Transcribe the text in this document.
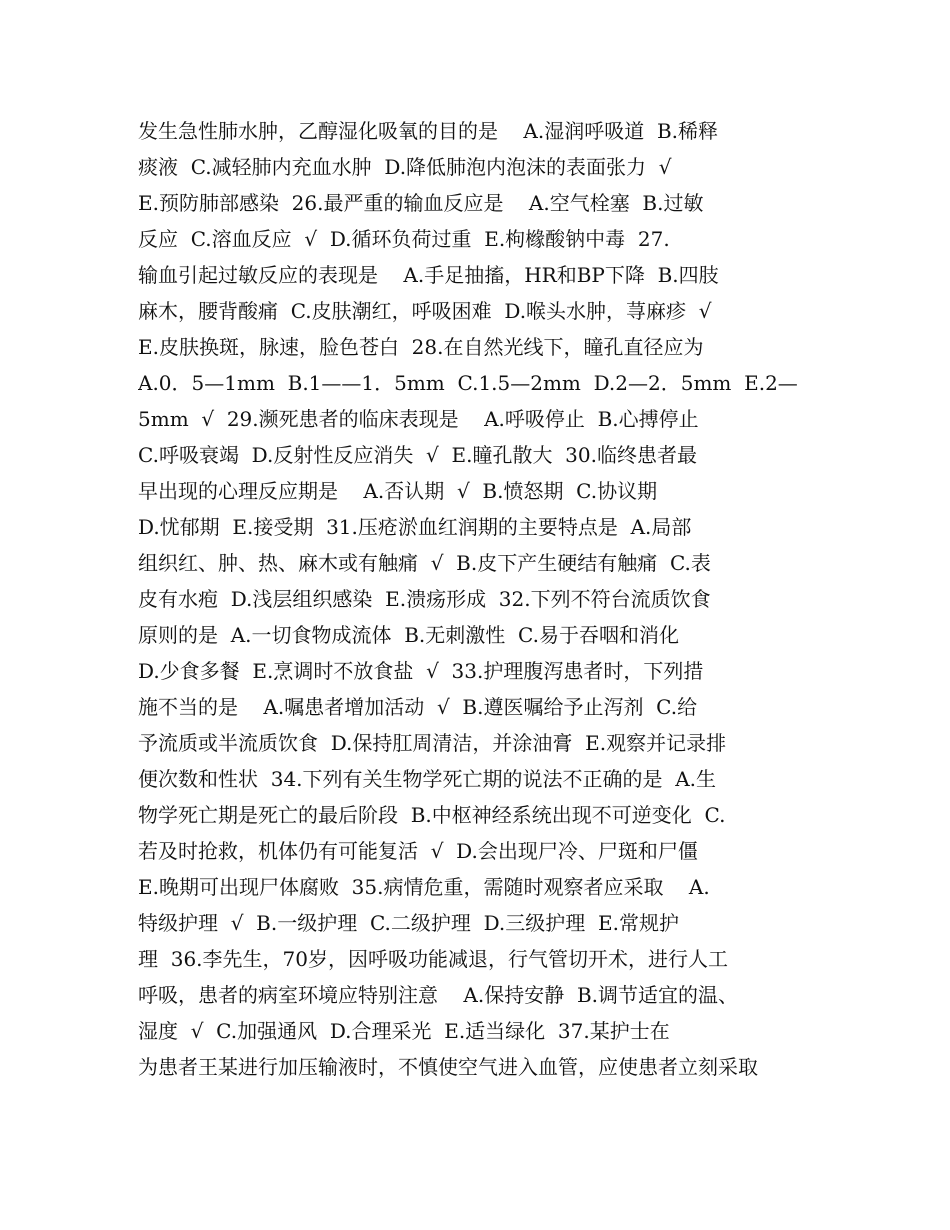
发生急性肺水肿，乙醇湿化吸氧的目的是    A.湿润呼吸道  B.稀释
痰液  C.减轻肺内充血水肿  D.降低肺泡内泡沫的表面张力  √
E.预防肺部感染  26.最严重的输血反应是    A.空气栓塞  B.过敏
反应  C.溶血反应  √  D.循环负荷过重  E.枸橼酸钠中毒  27.
输血引起过敏反应的表现是    A.手足抽搐，HR和BP下降  B.四肢
麻木，腰背酸痛  C.皮肤潮红，呼吸困难  D.喉头水肿，荨麻疹  √
E.皮肤换斑，脉速，脸色苍白  28.在自然光线下，瞳孔直径应为
A.0．5—1mm  B.1——1．5mm  C.1.5—2mm  D.2—2．5mm  E.2—
5mm  √  29.濒死患者的临床表现是    A.呼吸停止  B.心搏停止
C.呼吸衰竭  D.反射性反应消失  √  E.瞳孔散大  30.临终患者最
早出现的心理反应期是    A.否认期  √  B.愤怒期  C.协议期
D.忧郁期  E.接受期  31.压疮淤血红润期的主要特点是  A.局部
组织红、肿、热、麻木或有触痛  √  B.皮下产生硬结有触痛  C.表
皮有水疱  D.浅层组织感染  E.溃疡形成  32.下列不符台流质饮食
原则的是  A.一切食物成流体  B.无刺激性  C.易于吞咽和消化
D.少食多餐  E.烹调时不放食盐  √  33.护理腹泻患者时，下列措
施不当的是    A.嘱患者增加活动  √  B.遵医嘱给予止泻剂  C.给
予流质或半流质饮食  D.保持肛周清洁，并涂油膏  E.观察并记录排
便次数和性状  34.下列有关生物学死亡期的说法不正确的是  A.生
物学死亡期是死亡的最后阶段  B.中枢神经系统出现不可逆变化  C.
若及时抢救，机体仍有可能复活  √  D.会出现尸冷、尸斑和尸僵
E.晚期可出现尸体腐败  35.病情危重，需随时观察者应采取    A.
特级护理  √  B.一级护理  C.二级护理  D.三级护理  E.常规护
理  36.李先生，70岁，因呼吸功能减退，行气管切开术，进行人工
呼吸，患者的病室环境应特别注意    A.保持安静  B.调节适宜的温、
湿度  √  C.加强通风  D.合理采光  E.适当绿化  37.某护士在
为患者王某进行加压输液时，不慎使空气进入血管，应使患者立刻采取
